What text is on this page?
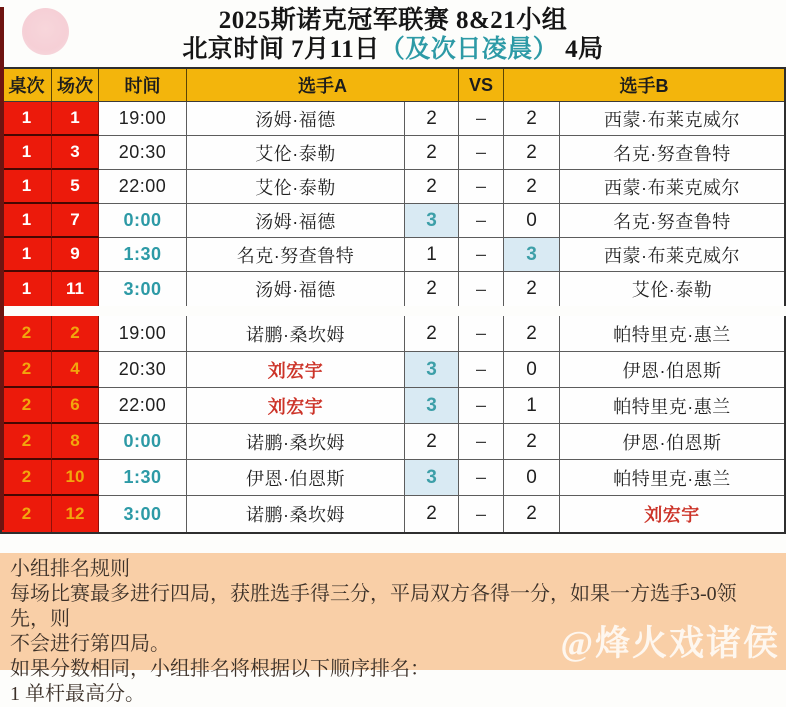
2025斯诺克冠军联赛 8&21小组
北京时间 7月11日（及次日凌晨） 4局
桌次 场次	时间	选手A	VS	选手B
1	1	19:00	汤姆·福德	2	–	2	西蒙·布莱克威尔
1	3	20:30	艾伦·泰勒	2	–	2	名克·努查鲁特
1	5	22:00	艾伦·泰勒	2	–	2	西蒙·布莱克威尔
1	7	0:00	汤姆·福德	3	–	0	名克·努查鲁特
1	9	1:30	名克·努查鲁特	1	–	3	西蒙·布莱克威尔
1	11	3:00	汤姆·福德	2	–	2	艾伦·泰勒
2	2	19:00	诺鹏·桑坎姆	2	–	2	帕特里克·惠兰
2	4	20:30	刘宏宇	3	–	0	伊恩·伯恩斯
2	6	22:00	刘宏宇	3	–	1	帕特里克·惠兰
2	8	0:00	诺鹏·桑坎姆	2	–	2	伊恩·伯恩斯
2	10	1:30	伊恩·伯恩斯	3	–	0	帕特里克·惠兰
2	12	3:00	诺鹏·桑坎姆	2	–	2	刘宏宇
小组排名规则
每场比赛最多进行四局，获胜选手得三分，平局双方各得一分，如果一方选手3-0领先，则
不会进行第四局。
如果分数相同，小组排名将根据以下顺序排名：
1 单杆最高分。
@烽火戏诸侯
